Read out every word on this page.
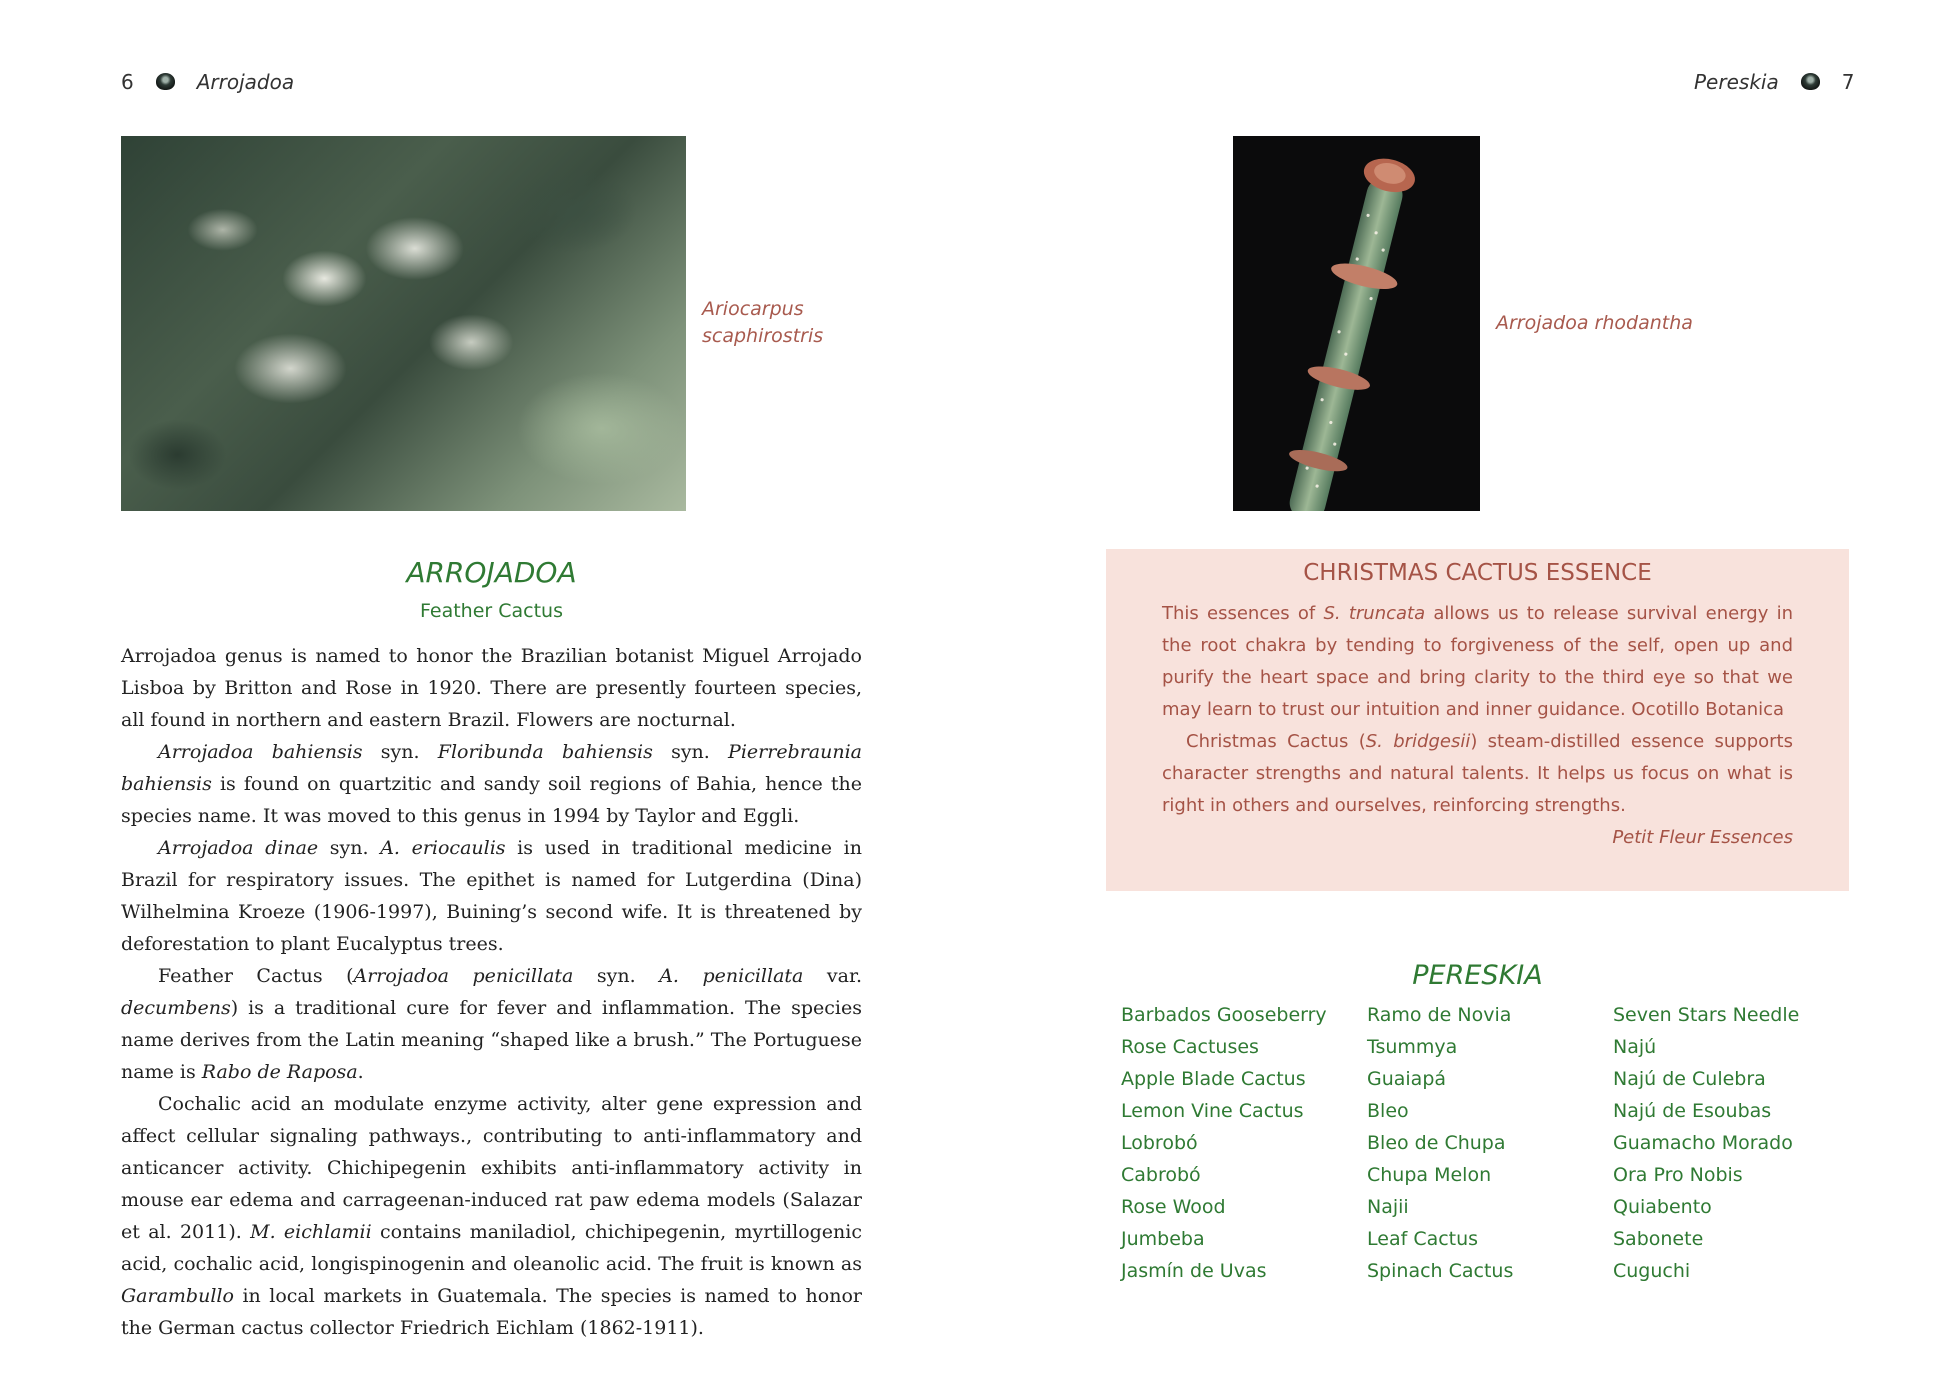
6	Arrojadoa
Ariocarpus
scaphirostris
ARROJADOA
Feather Cactus

Arrojadoa genus is named to honor the Brazilian botanist Miguel Arrojado Lisboa by Britton and Rose in 1920. There are presently fourteen species, all found in northern and eastern Brazil. Flowers are nocturnal.

Arrojadoa bahiensis syn. Floribunda bahiensis syn. Pierrebraunia bahiensis is found on quartzitic and sandy soil regions of Bahia, hence the species name. It was moved to this genus in 1994 by Taylor and Eggli.

Arrojadoa dinae syn. A. eriocaulis is used in traditional medicine in Brazil for respiratory issues. The epithet is named for Lutgerdina (Dina) Wilhelmina Kroeze (1906-1997), Buining’s second wife. It is threatened by deforestation to plant Eucalyptus trees.

Feather Cactus (Arrojadoa penicillata syn. A. penicillata var. decumbens) is a traditional cure for fever and inflammation. The species name derives from the Latin meaning “shaped like a brush.” The Portuguese name is Rabo de Raposa.

Cochalic acid an modulate enzyme activity, alter gene expression and affect cellular signaling pathways., contributing to anti-inflammatory and anticancer activity. Chichipegenin exhibits anti-inflammatory activity in mouse ear edema and carrageenan-induced rat paw edema models (Salazar et al. 2011). M. eichlamii contains maniladiol, chichipegenin, myrtillogenic acid, cochalic acid, longispinogenin and oleanolic acid. The fruit is known as Garambullo in local markets in Guatemala. The species is named to honor the German cactus collector Friedrich Eichlam (1862-1911).

Pereskia	7
Arrojadoa rhodantha
CHRISTMAS CACTUS ESSENCE

This essences of S. truncata allows us to release survival energy in the root chakra by tending to forgiveness of the self, open up and purify the heart space and bring clarity to the third eye so that we may learn to trust our intuition and inner guidance. Ocotillo Botanica

Christmas Cactus (S. bridgesii) steam-distilled essence supports character strengths and natural talents. It helps us focus on what is right in others and ourselves, reinforcing strengths.

Petit Fleur Essences
PERESKIA
Barbados Gooseberry
Rose Cactuses
Apple Blade Cactus
Lemon Vine Cactus
Lobrobó
Cabrobó
Rose Wood
Jumbeba
Jasmín de Uvas
Ramo de Novia
Tsummya
Guaiapá
Bleo
Bleo de Chupa
Chupa Melon
Najii
Leaf Cactus
Spinach Cactus
Seven Stars Needle
Najú
Najú de Culebra
Najú de Esoubas
Guamacho Morado
Ora Pro Nobis
Quiabento
Sabonete
Cuguchi
